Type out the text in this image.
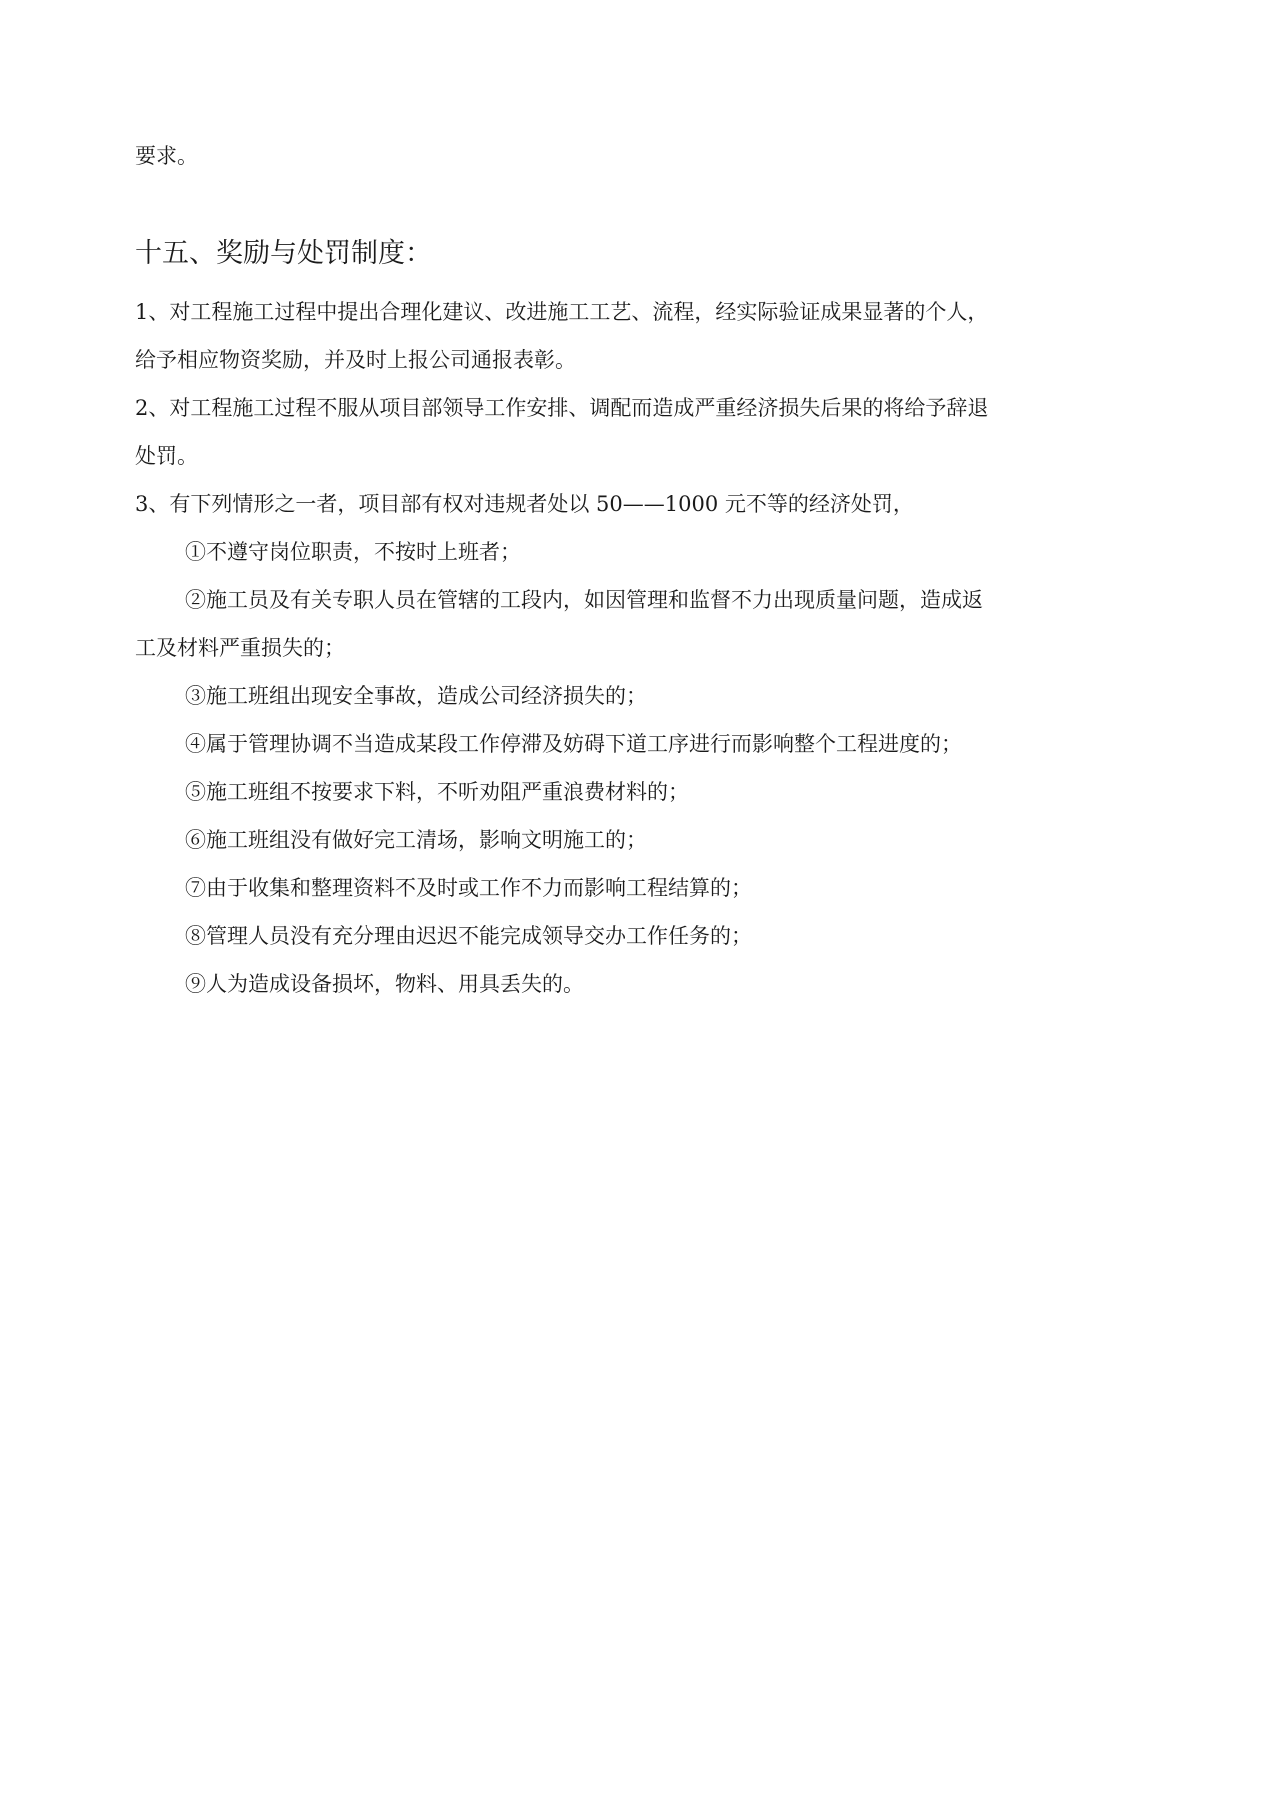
要求。
十五、奖励与处罚制度：
1、对工程施工过程中提出合理化建议、改进施工工艺、流程，经实际验证成果显著的个人，
给予相应物资奖励，并及时上报公司通报表彰。
2、对工程施工过程不服从项目部领导工作安排、调配而造成严重经济损失后果的将给予辞退
处罚。
3、有下列情形之一者，项目部有权对违规者处以 50——1000 元不等的经济处罚，
①不遵守岗位职责，不按时上班者；
②施工员及有关专职人员在管辖的工段内，如因管理和监督不力出现质量问题，造成返
工及材料严重损失的；
③施工班组出现安全事故，造成公司经济损失的；
④属于管理协调不当造成某段工作停滞及妨碍下道工序进行而影响整个工程进度的；
⑤施工班组不按要求下料，不听劝阻严重浪费材料的；
⑥施工班组没有做好完工清场，影响文明施工的；
⑦由于收集和整理资料不及时或工作不力而影响工程结算的；
⑧管理人员没有充分理由迟迟不能完成领导交办工作任务的；
⑨人为造成设备损坏，物料、用具丢失的。
